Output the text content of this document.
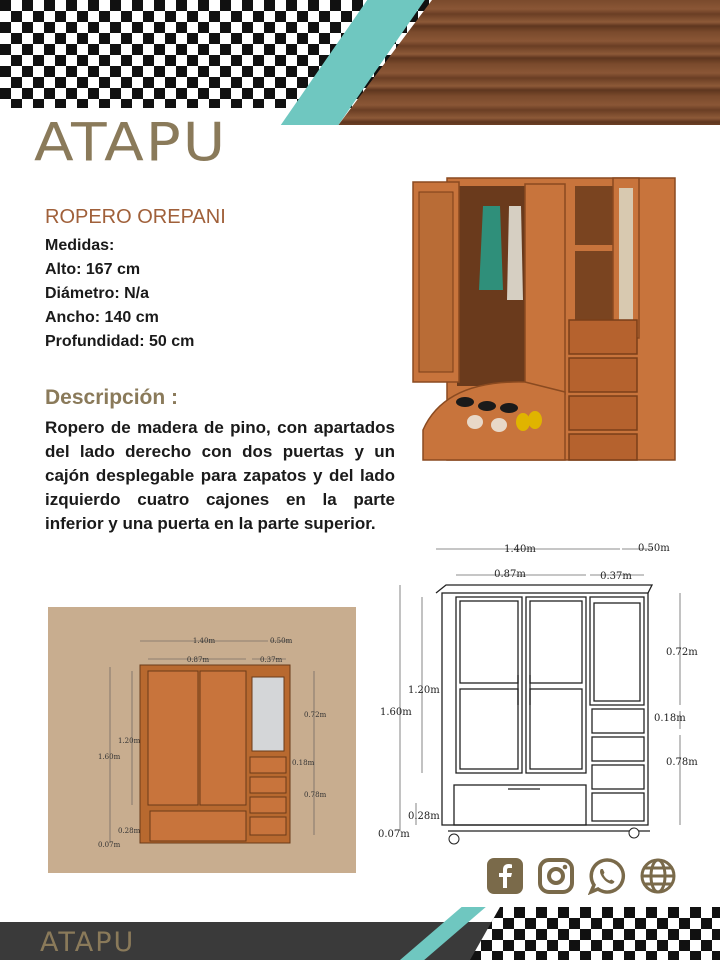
ATAPU
ROPERO OREPANI
Medidas:
Alto: 167 cm
Diámetro: N/a
Ancho: 140 cm
Profundidad: 50 cm
Descripción :
Ropero de madera de pino, con apartados del lado derecho con dos puertas y un cajón desplegable para zapatos y del lado izquierdo cuatro cajones en la parte inferior y una puerta en la parte superior.
1.40m	0.50m
0.87m	0.37m
0.72m
0.18m
0.78m
1.60m
1.20m
0.28m
0.07m
1.40m	0.50m
0.87m	0.37m
0.72m
0.18m
0.78m
1.60m
1.20m
0.28m
0.07m
ATAPU
